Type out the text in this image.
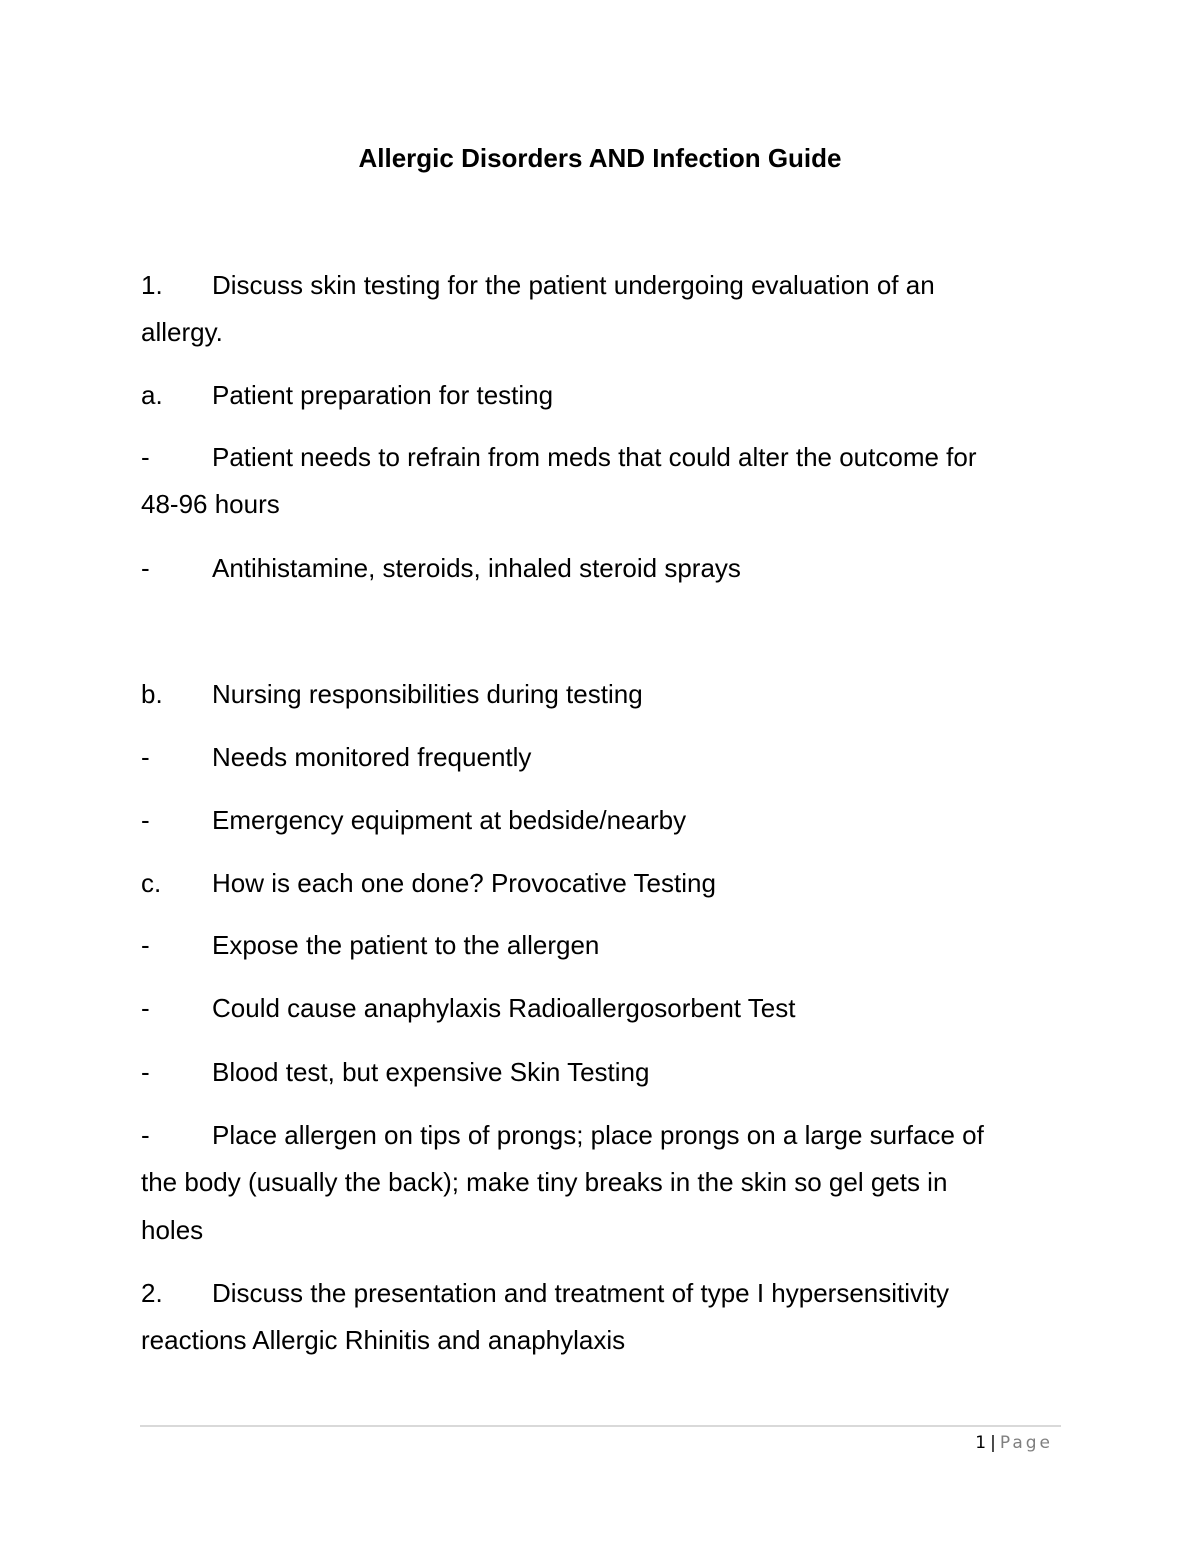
Allergic Disorders AND Infection Guide
1. Discuss skin testing for the patient undergoing evaluation of an
allergy.
a. Patient preparation for testing
- Patient needs to refrain from meds that could alter the outcome for
48-96 hours
- Antihistamine, steroids, inhaled steroid sprays
b. Nursing responsibilities during testing
- Needs monitored frequently
- Emergency equipment at bedside/nearby
c. How is each one done? Provocative Testing
- Expose the patient to the allergen
- Could cause anaphylaxis Radioallergosorbent Test
- Blood test, but expensive Skin Testing
- Place allergen on tips of prongs; place prongs on a large surface of
the body (usually the back); make tiny breaks in the skin so gel gets in
holes
2. Discuss the presentation and treatment of type I hypersensitivity
reactions Allergic Rhinitis and anaphylaxis
1 | Page
